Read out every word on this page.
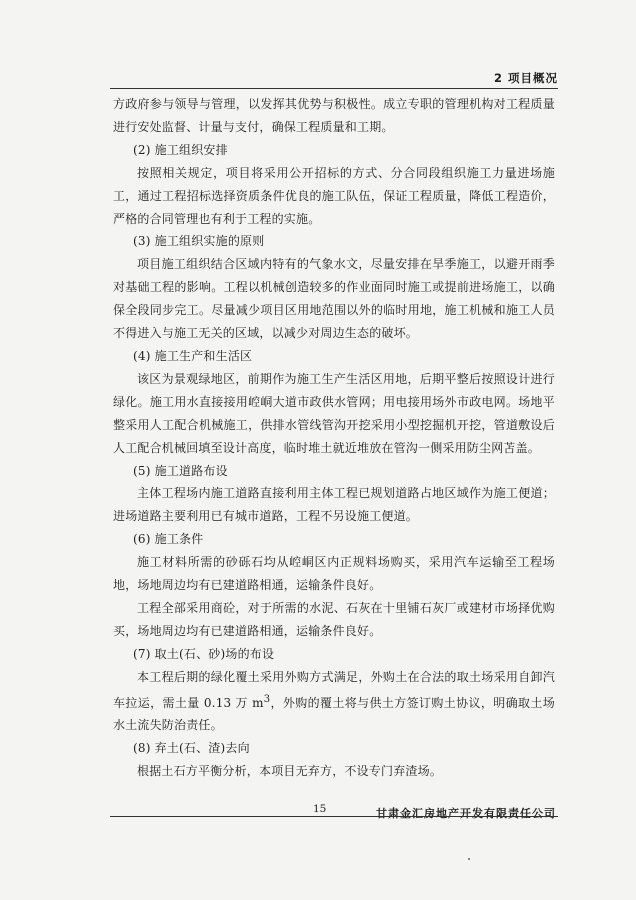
2 项目概况

方政府参与领导与管理，以发挥其优势与积极性。成立专职的管理机构对工程质量进行安处监督、计量与支付，确保工程质量和工期。

(2) 施工组织安排

按照相关规定，项目将采用公开招标的方式、分合同段组织施工力量进场施工，通过工程招标选择资质条件优良的施工队伍，保证工程质量，降低工程造价，严格的合同管理也有利于工程的实施。

(3) 施工组织实施的原则

项目施工组织结合区域内特有的气象水文，尽量安排在旱季施工，以避开雨季对基础工程的影响。工程以机械创造较多的作业面同时施工或提前进场施工，以确保全段同步完工。尽量减少项目区用地范围以外的临时用地，施工机械和施工人员不得进入与施工无关的区域，以减少对周边生态的破坏。

(4) 施工生产和生活区

该区为景观绿地区，前期作为施工生产生活区用地，后期平整后按照设计进行绿化。施工用水直接接用崆峒大道市政供水管网；用电接用场外市政电网。场地平整采用人工配合机械施工，供排水管线管沟开挖采用小型挖掘机开挖，管道敷设后人工配合机械回填至设计高度，临时堆土就近堆放在管沟一侧采用防尘网苫盖。

(5) 施工道路布设

主体工程场内施工道路直接利用主体工程已规划道路占地区域作为施工便道；进场道路主要利用已有城市道路，工程不另设施工便道。

(6) 施工条件

施工材料所需的砂砾石均从崆峒区内正规料场购买，采用汽车运输至工程场地，场地周边均有已建道路相通，运输条件良好。

工程全部采用商砼，对于所需的水泥、石灰在十里铺石灰厂或建材市场择优购买，场地周边均有已建道路相通，运输条件良好。

(7) 取土(石、砂)场的布设

本工程后期的绿化覆土采用外购方式满足，外购土在合法的取土场采用自卸汽车拉运，需土量 0.13 万 $m^3$，外购的覆土将与供土方签订购土协议，明确取土场水土流失防治责任。

(8) 弃土(石、渣)去向

根据土石方平衡分析，本项目无弃方，不设专门弃渣场。

15	甘肃金汇房地产开发有限责任公司
